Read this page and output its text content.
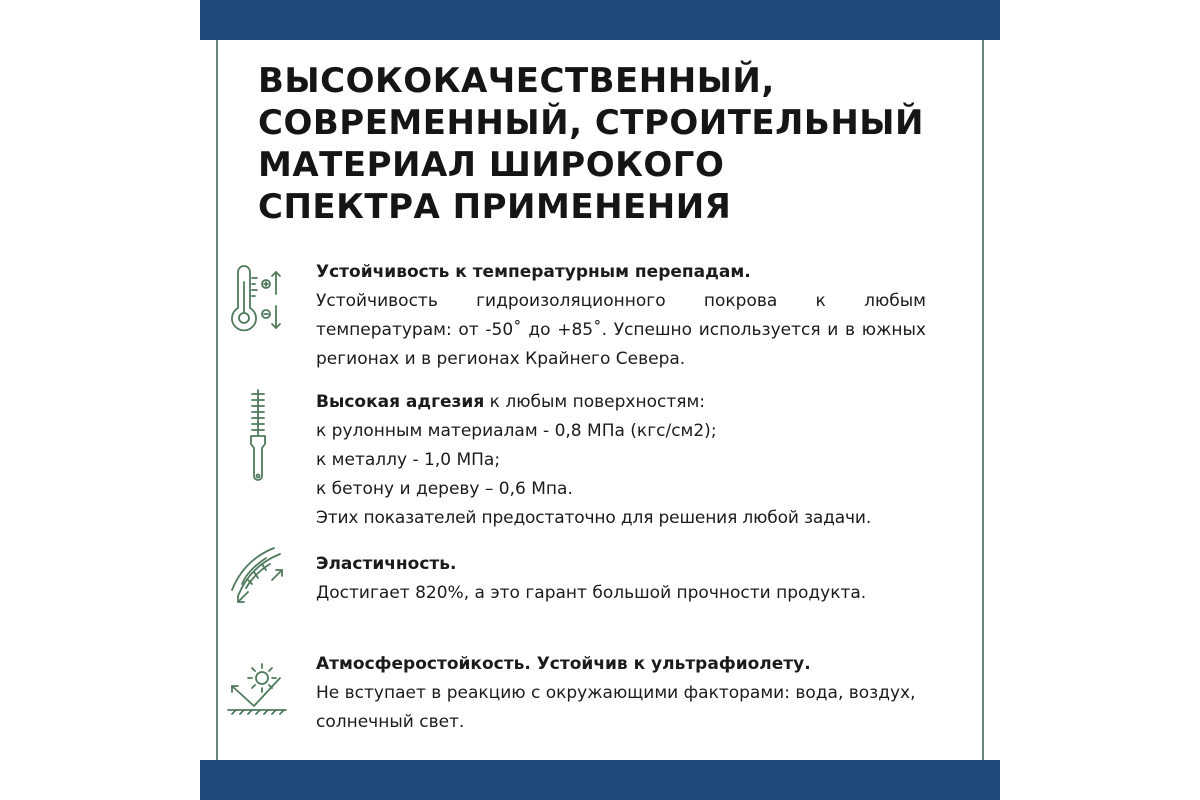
ВЫСОКОКАЧЕСТВЕННЫЙ,
СОВРЕМЕННЫЙ, СТРОИТЕЛЬНЫЙ
МАТЕРИАЛ ШИРОКОГО
СПЕКТРА ПРИМЕНЕНИЯ

Устойчивость к температурным перепадам.

Устойчивость гидроизоляционного покрова к любым температурам: от -50˚ до +85˚. Успешно используется и в южных регионах и в регионах Крайнего Севера.

Высокая адгезия к любым поверхностям:

к рулонным материалам - 0,8 МПа (кгс/см2);

к металлу - 1,0 МПа;

к бетону и дереву – 0,6 Мпа.

Этих показателей предостаточно для решения любой задачи.

Эластичность.

Достигает 820%, а это гарант большой прочности продукта.

Атмосферостойкость. Устойчив к ультрафиолету.

Не вступает в реакцию с окружающими факторами: вода, воздух, солнечный свет.
